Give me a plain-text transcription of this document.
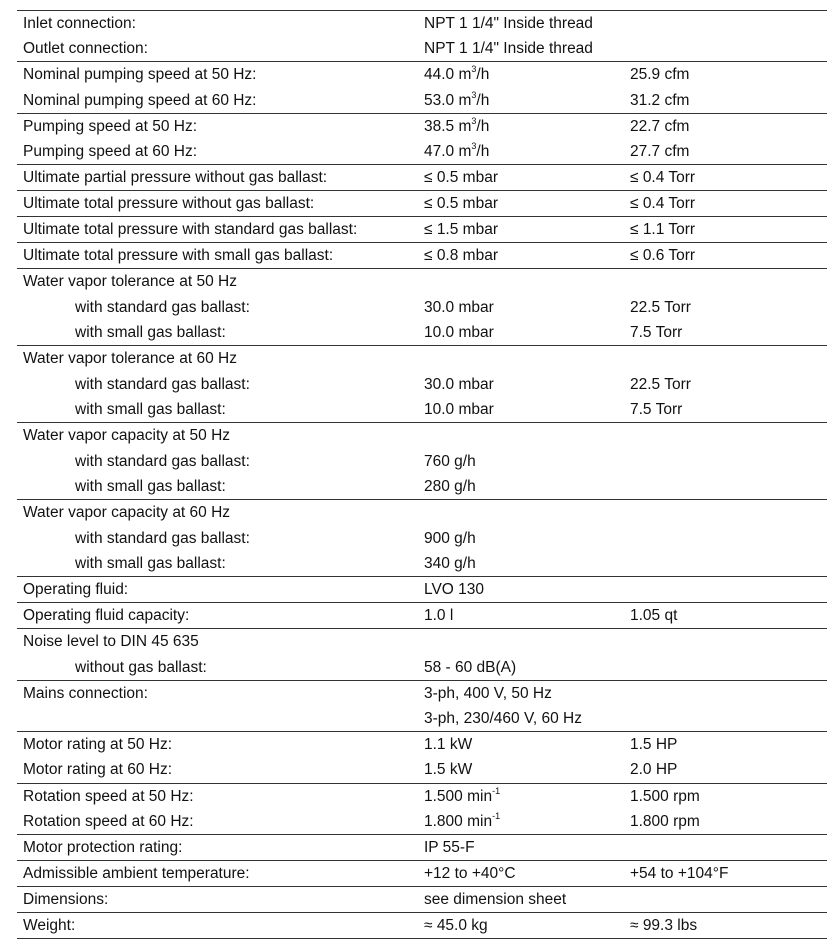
Inlet connection:	NPT 1 1/4" Inside thread	
Outlet connection:	NPT 1 1/4" Inside thread	
Nominal pumping speed at 50 Hz:	44.0 $m^3/h$	25.9 cfm
Nominal pumping speed at 60 Hz:	53.0 $m^3/h$	31.2 cfm
Pumping speed at 50 Hz:	38.5 $m^3/h$	22.7 cfm
Pumping speed at 60 Hz:	47.0 $m^3/h$	27.7 cfm
Ultimate partial pressure without gas ballast:	≤ 0.5 mbar	≤ 0.4 Torr
Ultimate total pressure without gas ballast:	≤ 0.5 mbar	≤ 0.4 Torr
Ultimate total pressure with standard gas ballast:	≤ 1.5 mbar	≤ 1.1 Torr
Ultimate total pressure with small gas ballast:	≤ 0.8 mbar	≤ 0.6 Torr
Water vapor tolerance at 50 Hz		
with standard gas ballast:	30.0 mbar	22.5 Torr
with small gas ballast:	10.0 mbar	7.5 Torr
Water vapor tolerance at 60 Hz		
with standard gas ballast:	30.0 mbar	22.5 Torr
with small gas ballast:	10.0 mbar	7.5 Torr
Water vapor capacity at 50 Hz		
with standard gas ballast:	760 g/h	
with small gas ballast:	280 g/h	
Water vapor capacity at 60 Hz		
with standard gas ballast:	900 g/h	
with small gas ballast:	340 g/h	
Operating fluid:	LVO 130	
Operating fluid capacity:	1.0 l	1.05 qt
Noise level to DIN 45 635		
without gas ballast:	58 - 60 dB(A)	
Mains connection:	3-ph, 400 V, 50 Hz	
	3-ph, 230/460 V, 60 Hz	
Motor rating at 50 Hz:	1.1 kW	1.5 HP
Motor rating at 60 Hz:	1.5 kW	2.0 HP
Rotation speed at 50 Hz:	1.500 $\min^{-1}$	1.500 rpm
Rotation speed at 60 Hz:	1.800 $\min^{-1}$	1.800 rpm
Motor protection rating:	IP 55-F	
Admissible ambient temperature:	+12 to +40°C	+54 to +104°F
Dimensions:	see dimension sheet	
Weight:	≈ 45.0 kg	≈ 99.3 lbs
